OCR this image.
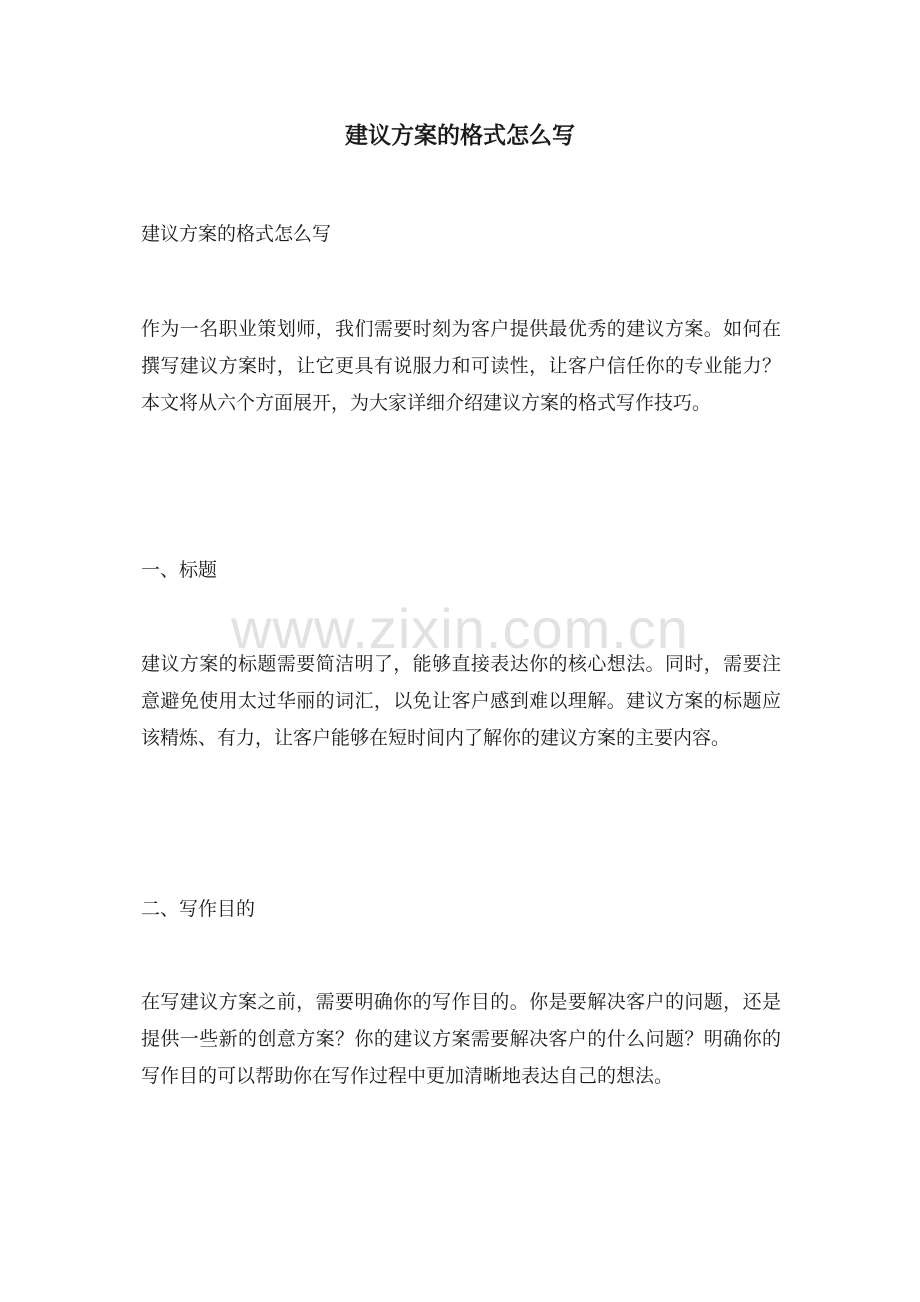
建议方案的格式怎么写

建议方案的格式怎么写

作为一名职业策划师，我们需要时刻为客户提供最优秀的建议方案。如何在撰写建议方案时，让它更具有说服力和可读性，让客户信任你的专业能力？本文将从六个方面展开，为大家详细介绍建议方案的格式写作技巧。

一、标题

建议方案的标题需要简洁明了，能够直接表达你的核心想法。同时，需要注意避免使用太过华丽的词汇，以免让客户感到难以理解。建议方案的标题应该精炼、有力，让客户能够在短时间内了解你的建议方案的主要内容。

二、写作目的

在写建议方案之前，需要明确你的写作目的。你是要解决客户的问题，还是提供一些新的创意方案？你的建议方案需要解决客户的什么问题？明确你的写作目的可以帮助你在写作过程中更加清晰地表达自己的想法。

www.zixin.com.cn
